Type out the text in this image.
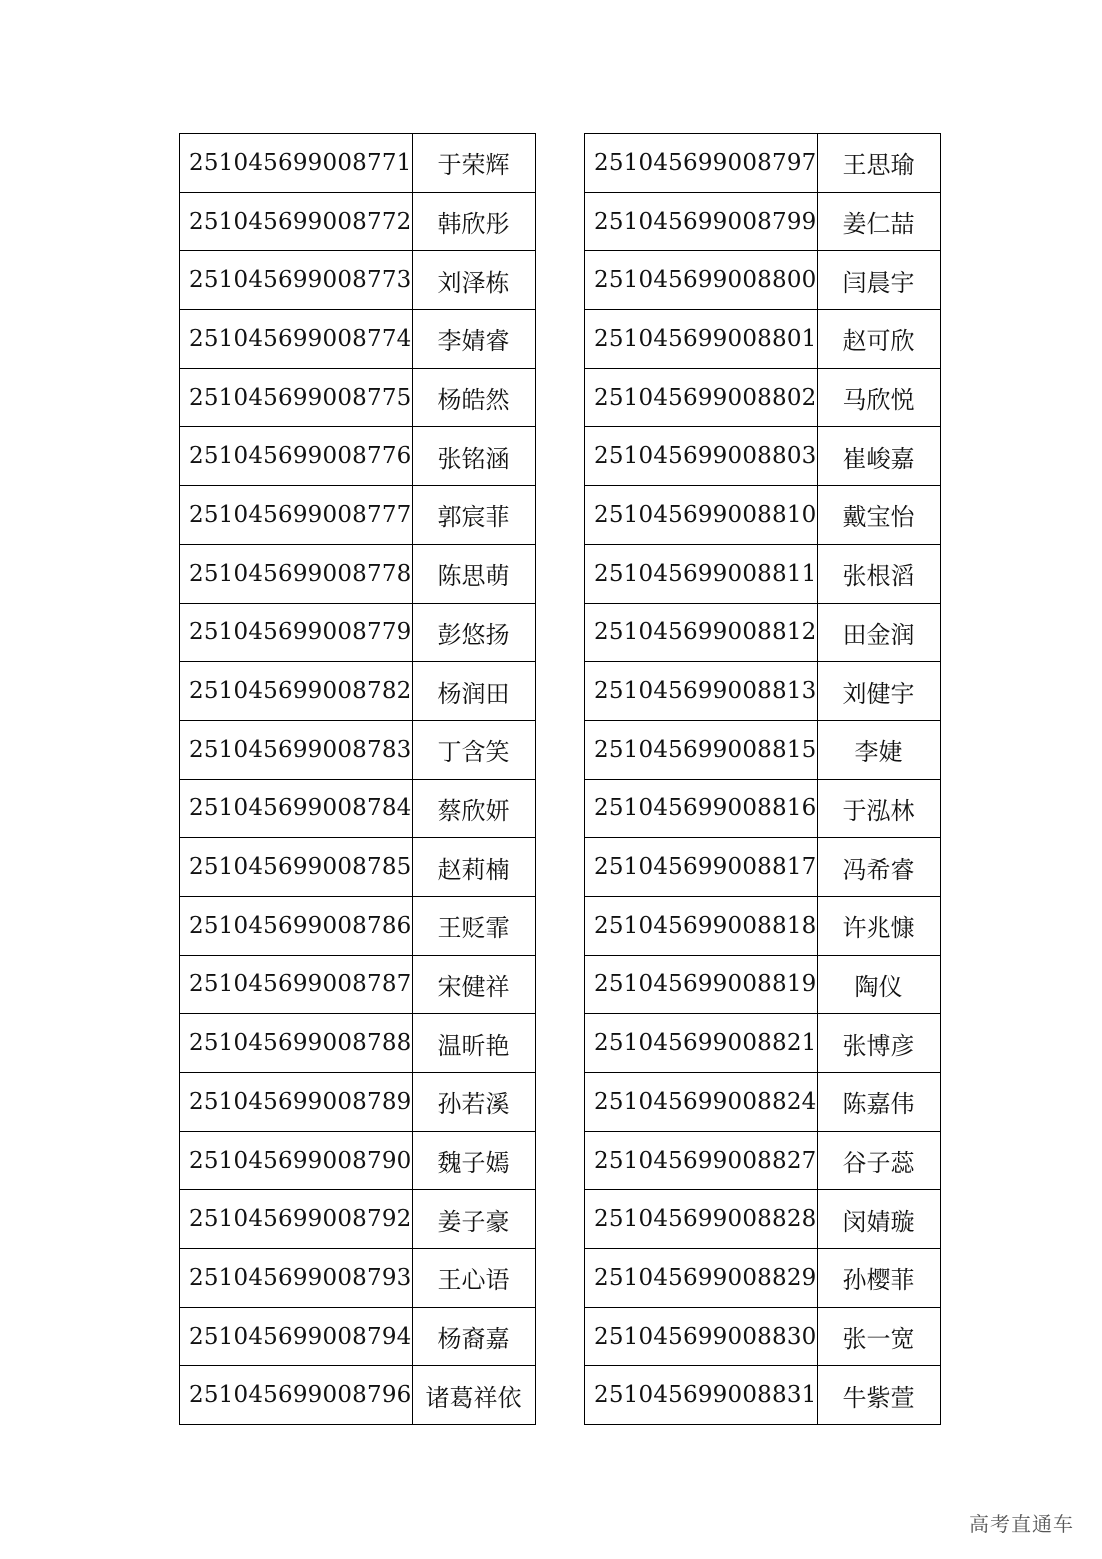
251045699008771	于荣辉
251045699008772	韩欣彤
251045699008773	刘泽栋
251045699008774	李婧睿
251045699008775	杨皓然
251045699008776	张铭涵
251045699008777	郭宸菲
251045699008778	陈思萌
251045699008779	彭悠扬
251045699008782	杨润田
251045699008783	丁含笑
251045699008784	蔡欣妍
251045699008785	赵莉楠
251045699008786	王贬霏
251045699008787	宋健祥
251045699008788	温昕艳
251045699008789	孙若溪
251045699008790	魏子嫣
251045699008792	姜子豪
251045699008793	王心语
251045699008794	杨裔嘉
251045699008796	诸葛祥依
251045699008797	王思瑜
251045699008799	姜仁喆
251045699008800	闫晨宇
251045699008801	赵可欣
251045699008802	马欣悦
251045699008803	崔峻嘉
251045699008810	戴宝怡
251045699008811	张根滔
251045699008812	田金润
251045699008813	刘健宇
251045699008815	李婕
251045699008816	于泓林
251045699008817	冯希睿
251045699008818	许兆慷
251045699008819	陶仪
251045699008821	张博彦
251045699008824	陈嘉伟
251045699008827	谷子蕊
251045699008828	闵婧璇
251045699008829	孙樱菲
251045699008830	张一宽
251045699008831	牛紫萱
高考直通车
